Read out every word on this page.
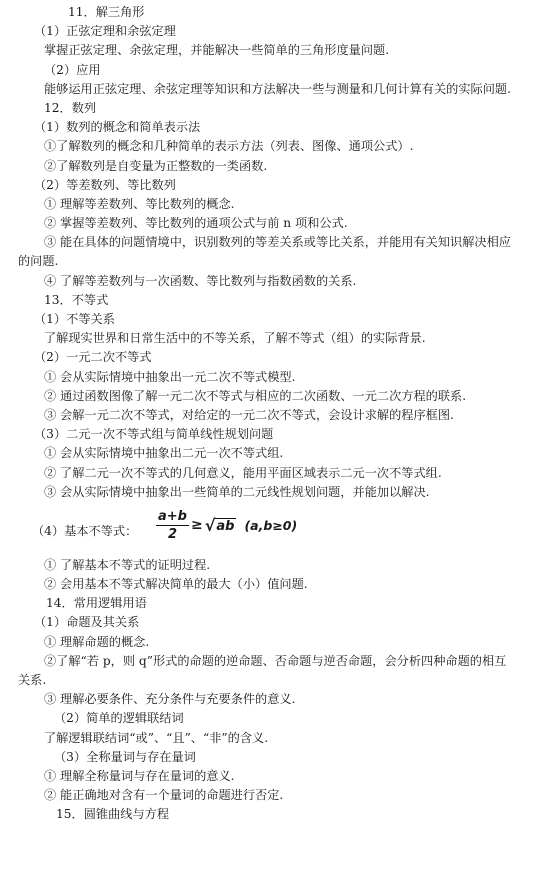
11．解三角形
（1）正弦定理和余弦定理
掌握正弦定理、余弦定理，并能解决一些简单的三角形度量问题.
（2）应用
能够运用正弦定理、余弦定理等知识和方法解决一些与测量和几何计算有关的实际问题.
12．数列
（1）数列的概念和简单表示法
①了解数列的概念和几种简单的表示方法（列表、图像、通项公式）.
②了解数列是自变量为正整数的一类函数.
（2）等差数列、等比数列
① 理解等差数列、等比数列的概念.
② 掌握等差数列、等比数列的通项公式与前 n 项和公式.
③ 能在具体的问题情境中，识别数列的等差关系或等比关系，并能用有关知识解决相应的问题.
④ 了解等差数列与一次函数、等比数列与指数函数的关系.
13．不等式
（1）不等关系
了解现实世界和日常生活中的不等关系，了解不等式（组）的实际背景.
（2）一元二次不等式
① 会从实际情境中抽象出一元二次不等式模型.
② 通过函数图像了解一元二次不等式与相应的二次函数、一元二次方程的联系.
③ 会解一元二次不等式，对给定的一元二次不等式，会设计求解的程序框图.
（3）二元一次不等式组与简单线性规划问题
① 会从实际情境中抽象出二元一次不等式组.
② 了解二元一次不等式的几何意义，能用平面区域表示二元一次不等式组.
③ 会从实际情境中抽象出一些简单的二元线性规划问题，并能加以解决.
（4）基本不等式： $\frac{a+b}{2}$ ≥ √ ab (a,b≥0)
① 了解基本不等式的证明过程.
② 会用基本不等式解决简单的最大（小）值问题.
14．常用逻辑用语
（1）命题及其关系
① 理解命题的概念.
②了解“若 p，则 q”形式的命题的逆命题、否命题与逆否命题，会分析四种命题的相互关系.
③ 理解必要条件、充分条件与充要条件的意义.
（2）简单的逻辑联结词
了解逻辑联结词“或”、“且”、“非”的含义.
（3）全称量词与存在量词
① 理解全称量词与存在量词的意义.
② 能正确地对含有一个量词的命题进行否定.
15．圆锥曲线与方程
